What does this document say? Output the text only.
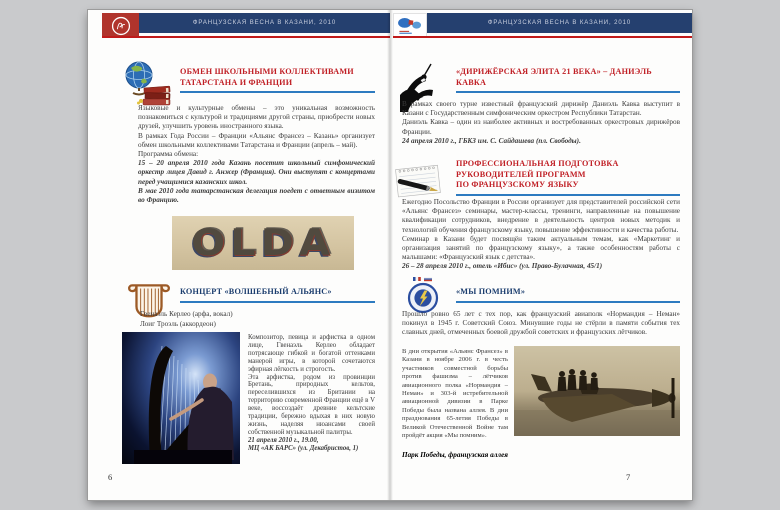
ФРАНЦУЗСКАЯ ВЕСНА В КАЗАНИ, 2010
ОБМЕН ШКОЛЬНЫМИ КОЛЛЕКТИВАМИ ТАТАРСТАНА И ФРАНЦИИ

Языковые и культурные обмены – это уникальная возможность познакомиться с культурой и традициями другой страны, приобрести новых друзей, улучшить уровень иностранного языка.

В рамках Года России – Франции «Альянс Франсез – Казань» организует обмен школьными коллективами Татарстана и Франции (апрель – май).

Программа обмена:

15 – 20 апреля 2010 года Казань посетит школьный симфонический оркестр лицея Давид г. Анжер (Франция). Они выступят с концертами перед учащимися казанских школ.

В мае 2010 года татарстанская делегация поедет с ответным визитом во Францию.

OLDA
КОНЦЕРТ «ВОЛШЕБНЫЙ АЛЬЯНС»
Гвенаэль Керлео (арфа, вокал)
Лоиг Троэль (аккордеон)

Композитор, певица и арфистка в одном лице, Гвенаэль Керлео обладает потрясающе гибкой и богатой оттенками манерой игры, в которой сочетаются эфирная лёгкость и строгость.

Эта арфистка, родом из провинции Бретань, природных кельтов, переселившихся из Британии на территорию современной Франции ещё в V веке, воссоздаёт древние кельтские традиции, бережно вдыхая в них новую жизнь, наделяя нюансами своей собственной музыкальной палитры.

21 апреля 2010 г., 19.00,

МЦ «АК БАРС» (ул. Декабристов, 1)

6
ФРАНЦУЗСКАЯ ВЕСНА В КАЗАНИ, 2010
«ДИРИЖЁРСКАЯ ЭЛИТА 21 ВЕКА» – ДАНИЭЛЬ КАВКА

В рамках своего турне известный французский дирижёр Даниэль Кавка выступит в Казани с Государственным симфоническим оркестром Республики Татарстан.

Даниэль Кавка – один из наиболее активных и востребованных оркестровых дирижёров Франции.

24 апреля 2010 г., ГБКЗ им. С. Сайдашева (пл. Свободы).

ПРОФЕССИОНАЛЬНАЯ ПОДГОТОВКА
РУКОВОДИТЕЛЕЙ ПРОГРАММ
ПО ФРАНЦУЗСКОМУ ЯЗЫКУ

Ежегодно Посольство Франции в России организует для представителей российской сети «Альянс Франсез» семинары, мастер-классы, тренинги, направленные на повышение квалификации сотрудников, внедрение в деятельность центров новых методик и технологий обучения французскому языку, повышение эффективности и качества работы.

Семинар в Казани будет посвящён таким актуальным темам, как «Маркетинг и организация занятий по французскому языку», а также особенностям работы с малышами: «Французский язык с детства».

26 – 28 апреля 2010 г., отель «Ибис» (ул. Право-Булачная, 45/1)

«МЫ ПОМНИМ»

Прошло ровно 65 лет с тех пор, как французский авиаполк «Нормандия – Неман» покинул в 1945 г. Советский Союз. Минувшие годы не стёрли в памяти события тех славных дней, отмеченных боевой дружбой советских и французских лётчиков.

В дни открытия «Альянс Франсез» в Казани в ноябре 2006 г. в честь участников совместной борьбы против фашизма – лётчиков авиационного полка «Нормандия – Неман» и 303-й истребительной авиационной дивизии в Парке Победы была названа аллея. В дни празднования 65-летия Победы в Великой Отечественной Войне там пройдёт акция «Мы помним».

Парк Победы, французская аллея
7
